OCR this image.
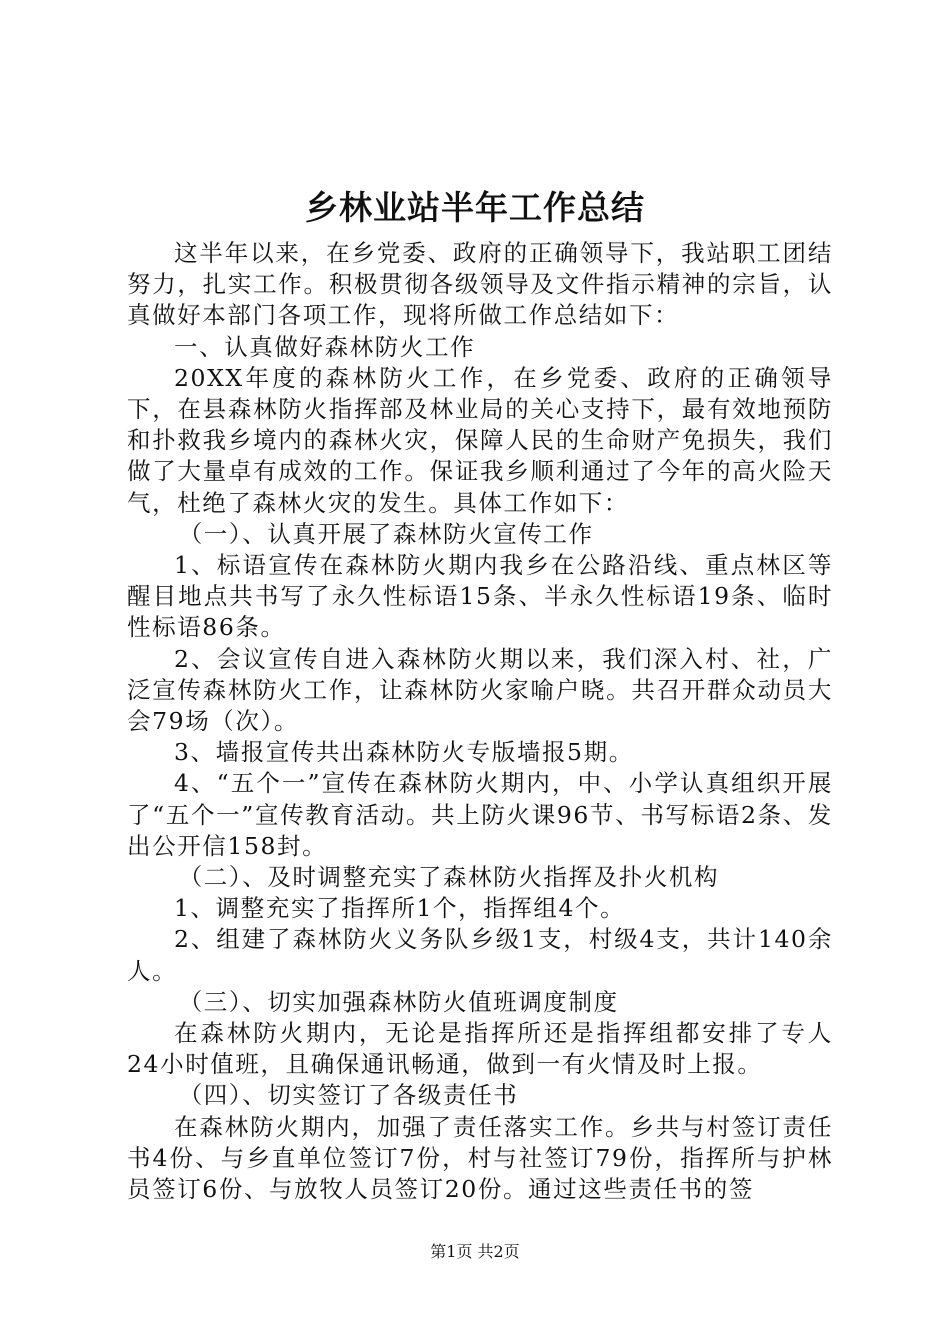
乡林业站半年工作总结

这半年以来，在乡党委、政府的正确领导下，我站职工团结努力，扎实工作。积极贯彻各级领导及文件指示精神的宗旨，认真做好本部门各项工作，现将所做工作总结如下：

一、认真做好森林防火工作

20XX年度的森林防火工作，在乡党委、政府的正确领导下，在县森林防火指挥部及林业局的关心支持下，最有效地预防和扑救我乡境内的森林火灾，保障人民的生命财产免损失，我们做了大量卓有成效的工作。保证我乡顺利通过了今年的高火险天气，杜绝了森林火灾的发生。具体工作如下：

（一）、认真开展了森林防火宣传工作

1、标语宣传在森林防火期内我乡在公路沿线、重点林区等醒目地点共书写了永久性标语15条、半永久性标语19条、临时性标语86条。

2、会议宣传自进入森林防火期以来，我们深入村、社，广泛宣传森林防火工作，让森林防火家喻户晓。共召开群众动员大会79场（次）。

3、墙报宣传共出森林防火专版墙报5期。

4、“五个一”宣传在森林防火期内，中、小学认真组织开展了“五个一”宣传教育活动。共上防火课96节、书写标语2条、发出公开信158封。

（二）、及时调整充实了森林防火指挥及扑火机构

1、调整充实了指挥所1个，指挥组4个。

2、组建了森林防火义务队乡级1支，村级4支，共计140余人。

（三）、切实加强森林防火值班调度制度

在森林防火期内，无论是指挥所还是指挥组都安排了专人24小时值班，且确保通讯畅通，做到一有火情及时上报。

（四）、切实签订了各级责任书

在森林防火期内，加强了责任落实工作。乡共与村签订责任书4份、与乡直单位签订7份，村与社签订79份，指挥所与护林员签订6份、与放牧人员签订20份。通过这些责任书的签

第1页 共2页
